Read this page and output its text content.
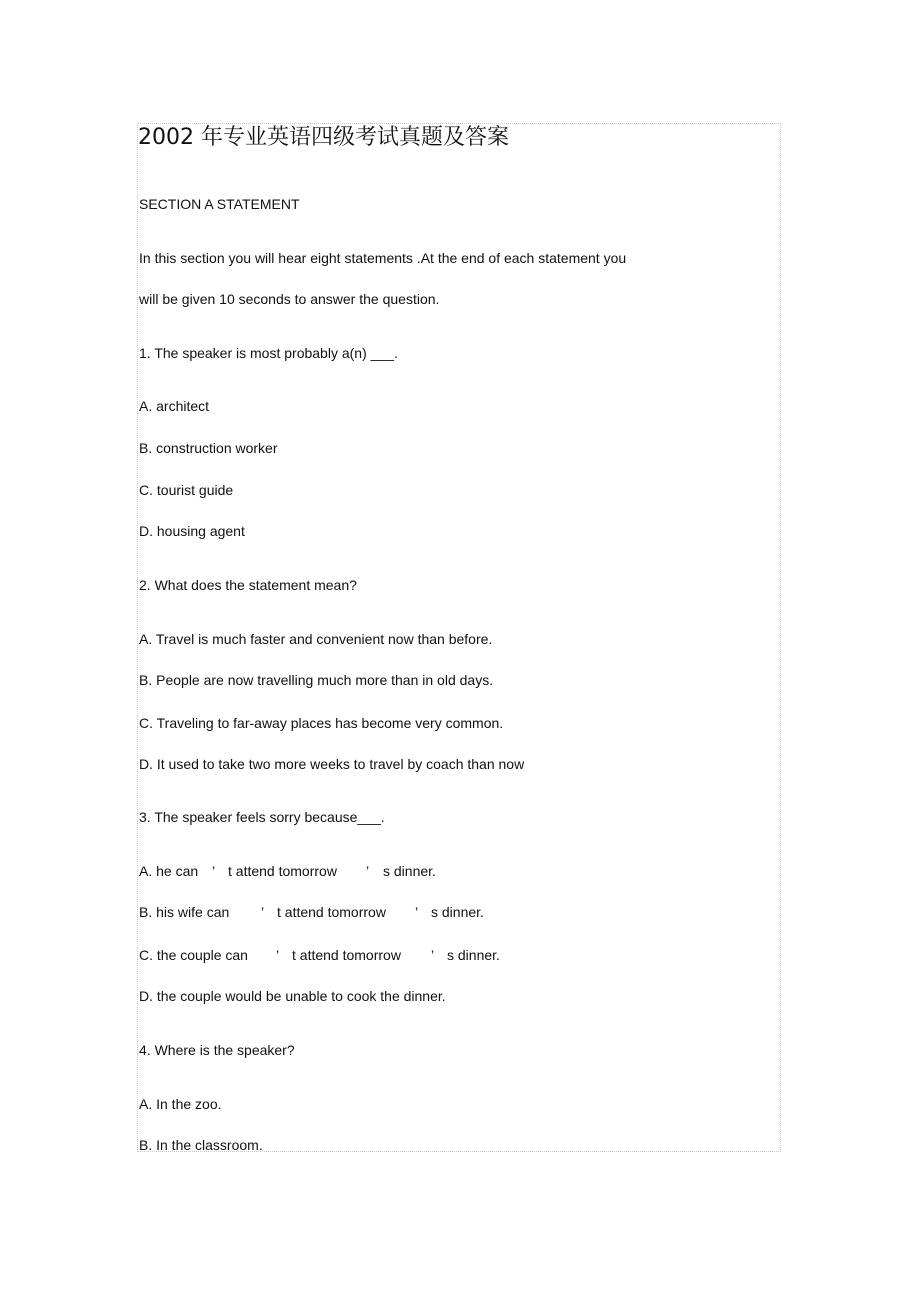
2002 年专业英语四级考试真题及答案

SECTION A STATEMENT

In this section you will hear eight statements .At the end of each statement you

will be given 10 seconds to answer the question.

1. The speaker is most probably a(n) ___.

A. architect

B. construction worker

C. tourist guide

D. housing agent

2. What does the statement mean?

A. Travel is much faster and convenient now than before.

B. People are now travelling much more than in old days.

C. Traveling to far-away places has become very common.

D. It used to take two more weeks to travel by coach than now

3. The speaker feels sorry because___.

A. he can

’

t attend tomorrow

’

s dinner.

B. his wife can

’

t attend tomorrow

’

s dinner.

C. the couple can

’

t attend tomorrow

’

s dinner.

D. the couple would be unable to cook the dinner.

4. Where is the speaker?

A. In the zoo.

B. In the classroom.
